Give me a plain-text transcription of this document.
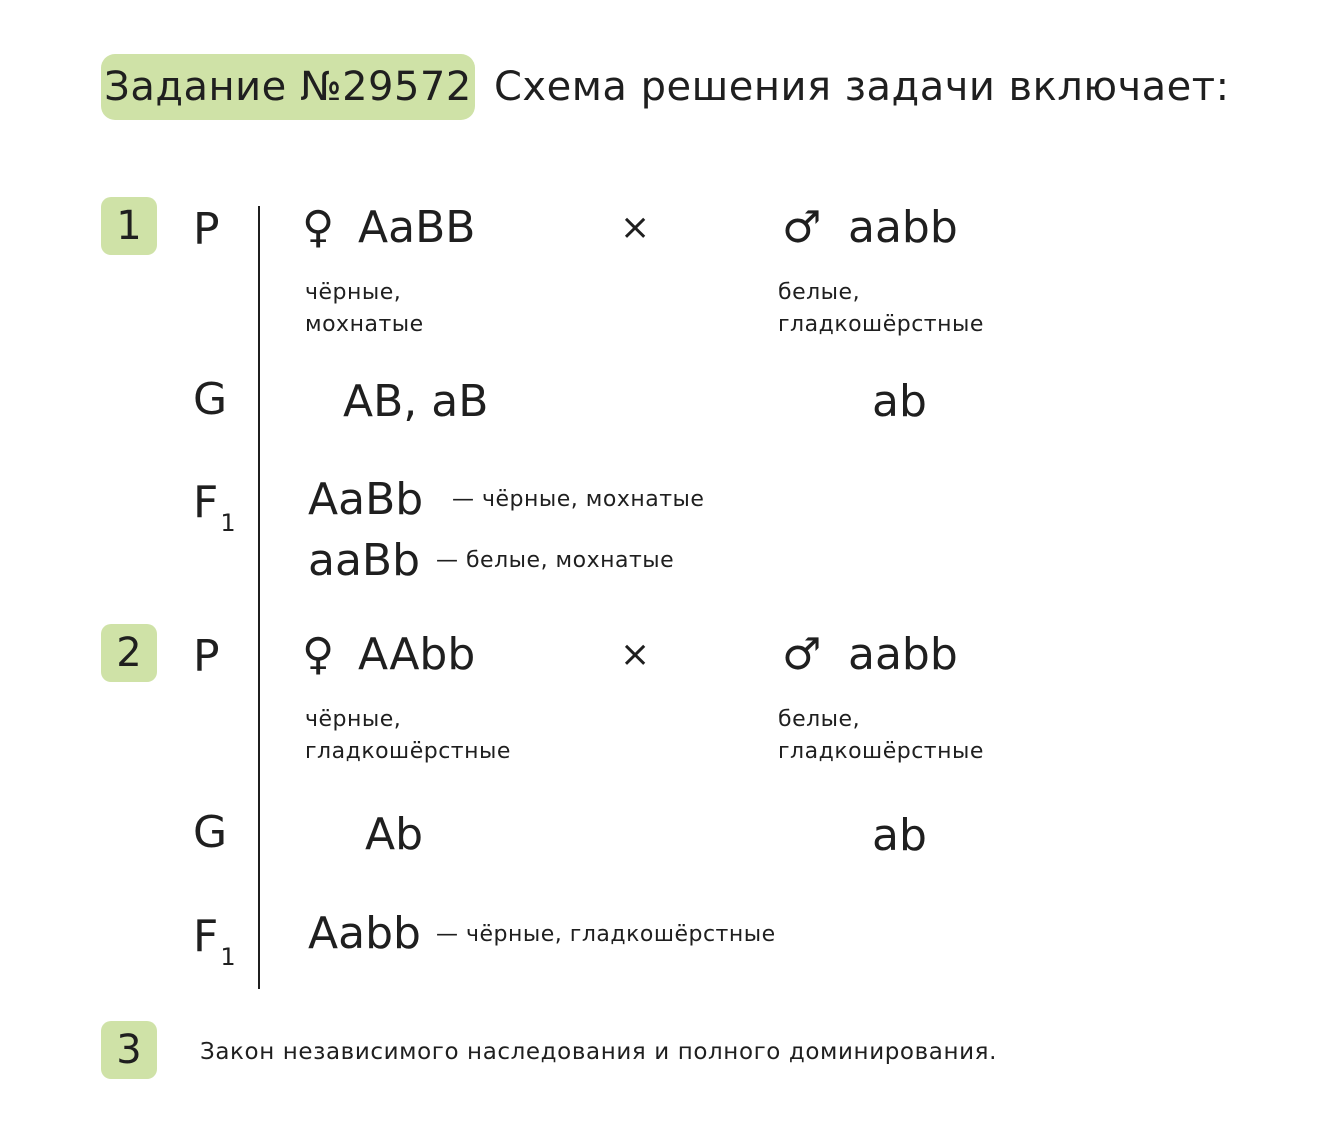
Задание №29572 Схема решения задачи включает:
1	P ♀ AaBB	×	♂ aabb
чёрные,
мохнатые
белые,
гладкошёрстные
G	AB, aB	ab
$F_1$ AaBb — чёрные, мохнатые
aaBb — белые, мохнатые
2	P ♀ AAbb	×	♂ aabb
чёрные,
гладкошёрстные
белые,
гладкошёрстные
G	Ab	ab
$F_1$ Aabb — чёрные, гладкошёрстные
3	Закон независимого наследования и полного доминирования.
